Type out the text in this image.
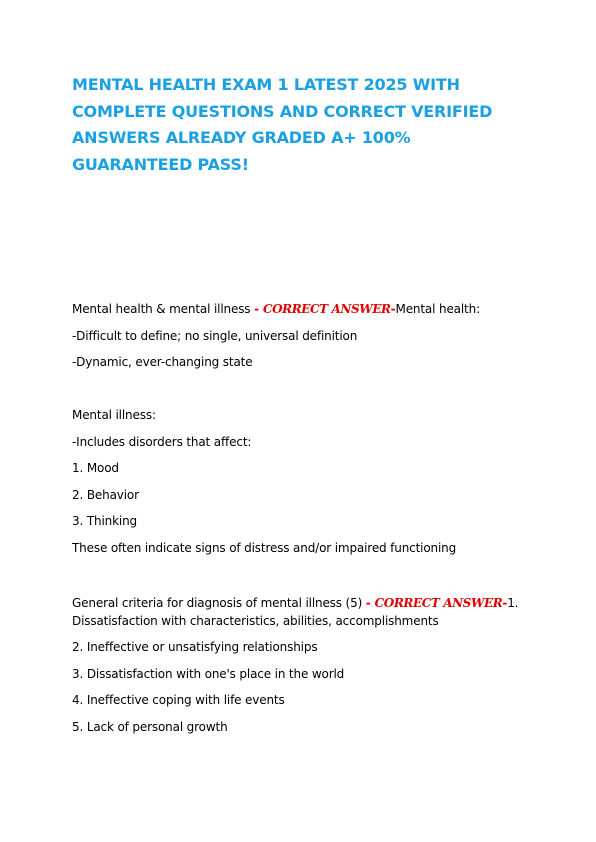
MENTAL HEALTH EXAM 1 LATEST 2025 WITH COMPLETE QUESTIONS AND CORRECT VERIFIED ANSWERS ALREADY GRADED A+ 100% GUARANTEED PASS!
Mental health & mental illness - CORRECT ANSWER-Mental health:
-Difficult to define; no single, universal definition
-Dynamic, ever-changing state
Mental illness:
-Includes disorders that affect:
1. Mood
2. Behavior
3. Thinking
These often indicate signs of distress and/or impaired functioning
General criteria for diagnosis of mental illness (5) - CORRECT ANSWER-1. Dissatisfaction with characteristics, abilities, accomplishments
2. Ineffective or unsatisfying relationships
3. Dissatisfaction with one's place in the world
4. Ineffective coping with life events
5. Lack of personal growth
